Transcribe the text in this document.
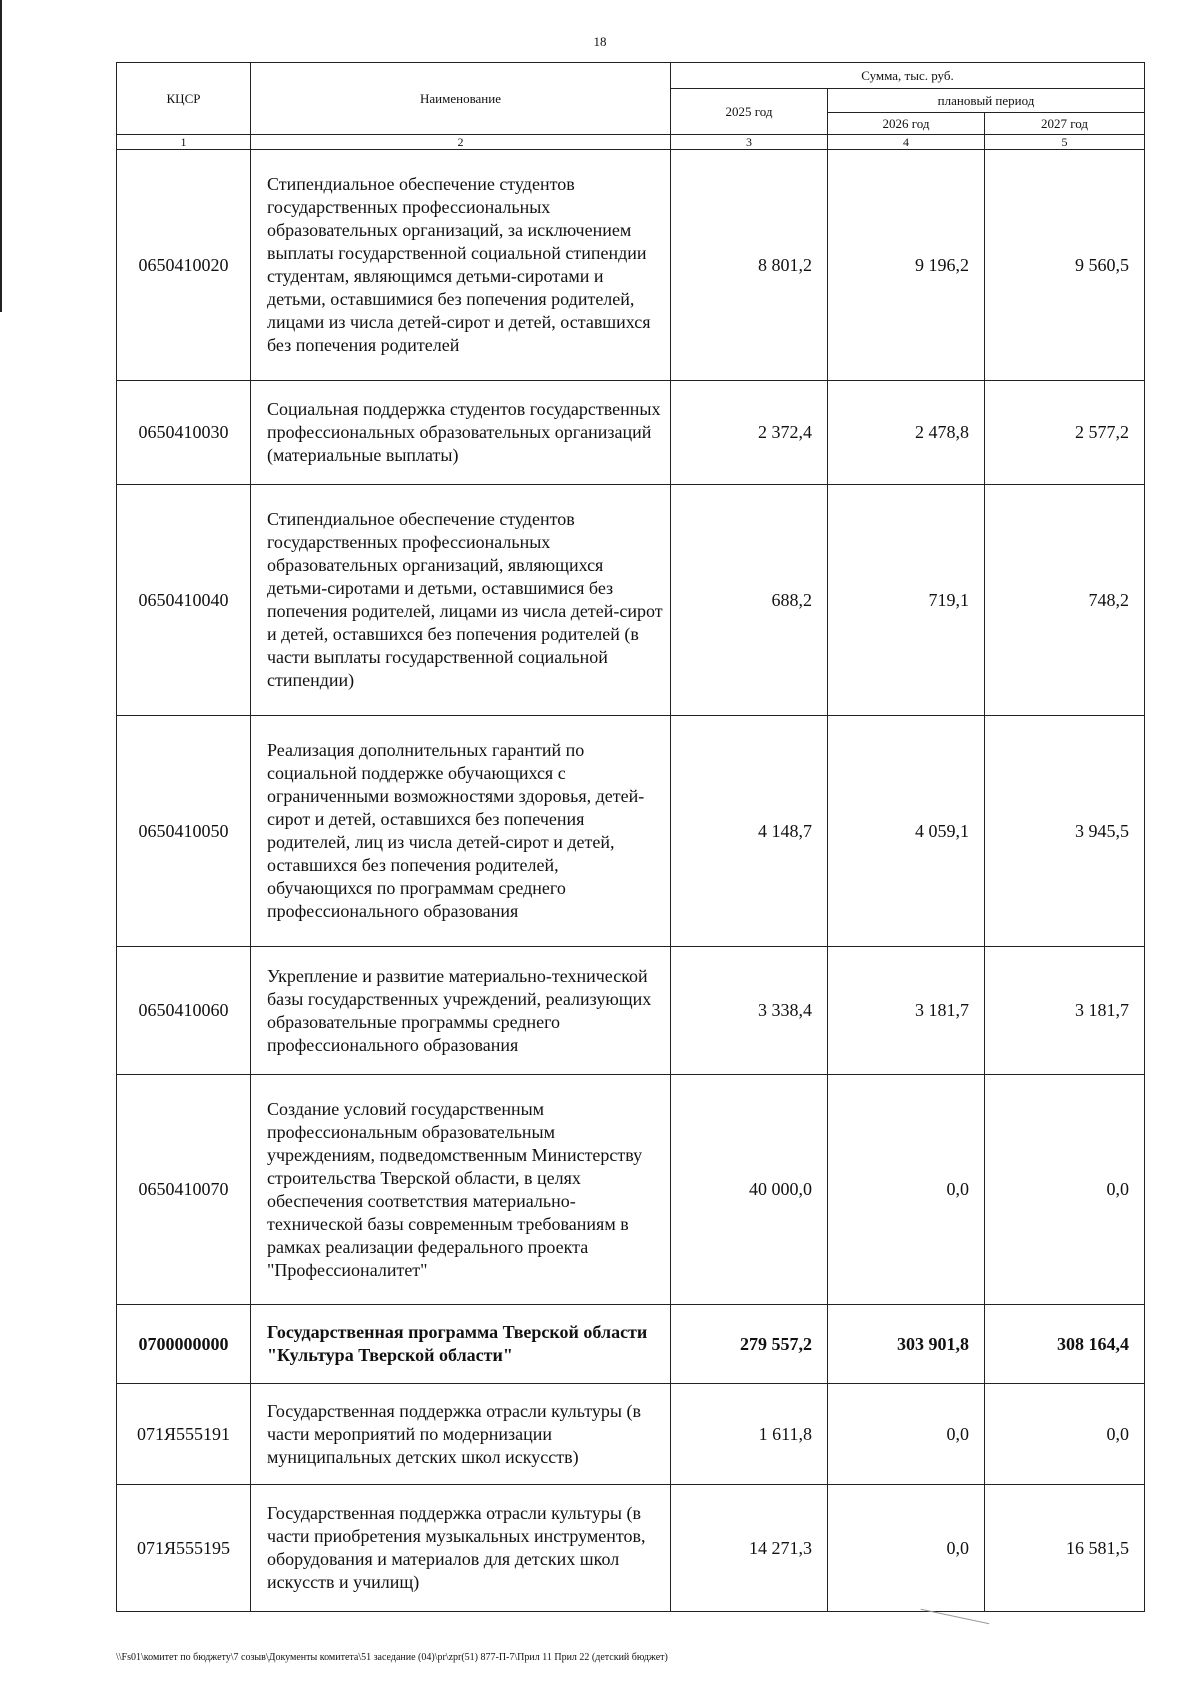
18
КЦСР	Наименование	Сумма, тыс. руб.		
		2025 год	плановый период	
			2026 год	2027 год
1	2	3	4	5
0650410020	Стипендиальное обеспечение студентов государственных профессиональных образовательных организаций, за исключением выплаты государственной социальной стипендии студентам, являющимся детьми-сиротами и детьми, оставшимися без попечения родителей, лицами из числа детей-сирот и детей, оставшихся без попечения родителей	8 801,2	9 196,2	9 560,5
0650410030	Социальная поддержка студентов государственных профессиональных образовательных организаций (материальные выплаты)	2 372,4	2 478,8	2 577,2
0650410040	Стипендиальное обеспечение студентов государственных профессиональных образовательных организаций, являющихся детьми-сиротами и детьми, оставшимися без попечения родителей, лицами из числа детей-сирот и детей, оставшихся без попечения родителей (в части выплаты государственной социальной стипендии)	688,2	719,1	748,2
0650410050	Реализация дополнительных гарантий по социальной поддержке обучающихся с ограниченными возможностями здоровья, детей-сирот и детей, оставшихся без попечения родителей, лиц из числа детей-сирот и детей, оставшихся без попечения родителей, обучающихся по программам среднего профессионального образования	4 148,7	4 059,1	3 945,5
0650410060	Укрепление и развитие материально-технической базы государственных учреждений, реализующих образовательные программы среднего профессионального образования	3 338,4	3 181,7	3 181,7
0650410070	Создание условий государственным профессиональным образовательным учреждениям, подведомственным Министерству строительства Тверской области, в целях обеспечения соответствия материально-технической базы современным требованиям в рамках реализации федерального проекта "Профессионалитет"	40 000,0	0,0	0,0
0700000000	Государственная программа Тверской области "Культура Тверской области"	279 557,2	303 901,8	308 164,4
071Я555191	Государственная поддержка отрасли культуры (в части мероприятий по модернизации муниципальных детских школ искусств)	1 611,8	0,0	0,0
071Я555195	Государственная поддержка отрасли культуры (в части приобретения музыкальных инструментов, оборудования и материалов для детских школ искусств и училищ)	14 271,3	0,0	16 581,5
\\Fs01\комитет по бюджету\7 созыв\Документы комитета\51 заседание (04)\pr\zpr(51) 877-П-7\Прил 11 Прил 22 (детский бюджет)
